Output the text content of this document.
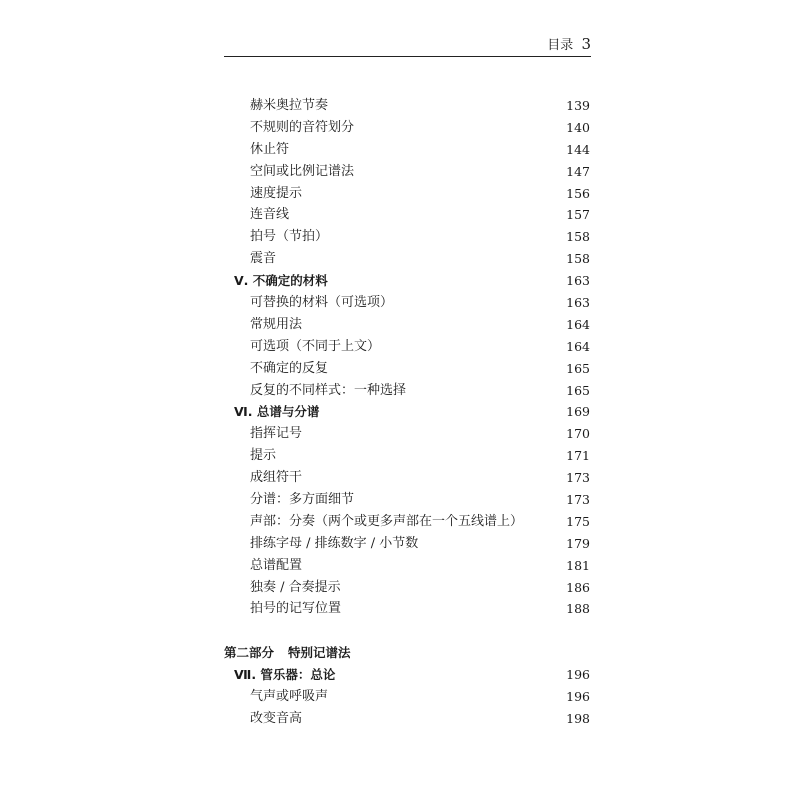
目录 3
赫米奥拉节奏	139
不规则的音符划分	140
休止符	144
空间或比例记谱法	147
速度提示	156
连音线	157
拍号（节拍）	158
震音	158
Ⅴ. 不确定的材料	163
可替换的材料（可选项）	163
常规用法	164
可选项（不同于上文）	164
不确定的反复	165
反复的不同样式：一种选择	165
Ⅵ. 总谱与分谱	169
指挥记号	170
提示	171
成组符干	173
分谱：多方面细节	173
声部：分奏（两个或更多声部在一个五线谱上）	175
排练字母 / 排练数字 / 小节数	179
总谱配置	181
独奏 / 合奏提示	186
拍号的记写位置	188
第二部分 特别记谱法
Ⅶ. 管乐器：总论	196
气声或呼吸声	196
改变音高	198
